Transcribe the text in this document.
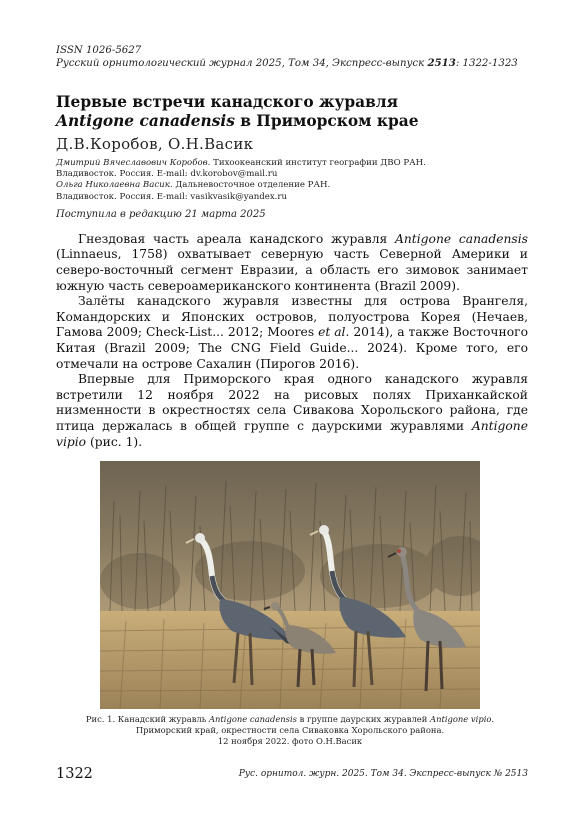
ISSN 1026-5627
Русский орнитологический журнал 2025, Том 34, Экспресс-выпуск 2513: 1322-1323
Первые встречи канадского журавля
Antigone canadensis в Приморском крае
Д.В.Коробов, О.Н.Васик
Дмитрий Вячеславович Коробов. Тихоокеанский институт географии ДВО РАН.
Владивосток. Россия. E-mail: dv.korobov@mail.ru
Ольга Николаевна Васик. Дальневосточное отделение РАН.
Владивосток. Россия. E-mail: vasikvasik@yandex.ru
Поступила в редакцию 21 марта 2025

Гнездовая часть ареала канадского журавля Antigone canadensis (Linnaeus, 1758) охватывает северную часть Северной Америки и северо-восточный сегмент Евразии, а область его зимовок занимает южную часть североамериканского континента (Brazil 2009).

Залёты канадского журавля известны для острова Врангеля, Командорских и Японских островов, полуострова Корея (Нечаев, Гамова 2009; Check-List... 2012; Moores et al. 2014), а также Восточного Китая (Brazil 2009; The CNG Field Guide... 2024). Кроме того, его отмечали на острове Сахалин (Пирогов 2016).

Впервые для Приморского края одного канадского журавля встретили 12 ноября 2022 на рисовых полях Приханкайской низменности в окрестностях села Сивакова Хорольского района, где птица держалась в общей группе с даурскими журавлями Antigone vipio (рис. 1).

Рис. 1. Канадский журавль Antigone canadensis в группе даурских журавлей Antigone vipio.
Приморский край, окрестности села Сиваковка Хорольского района.
12 ноября 2022. фото О.Н.Васик
1322	Рус. орнитол. журн. 2025. Том 34. Экспресс-выпуск № 2513
